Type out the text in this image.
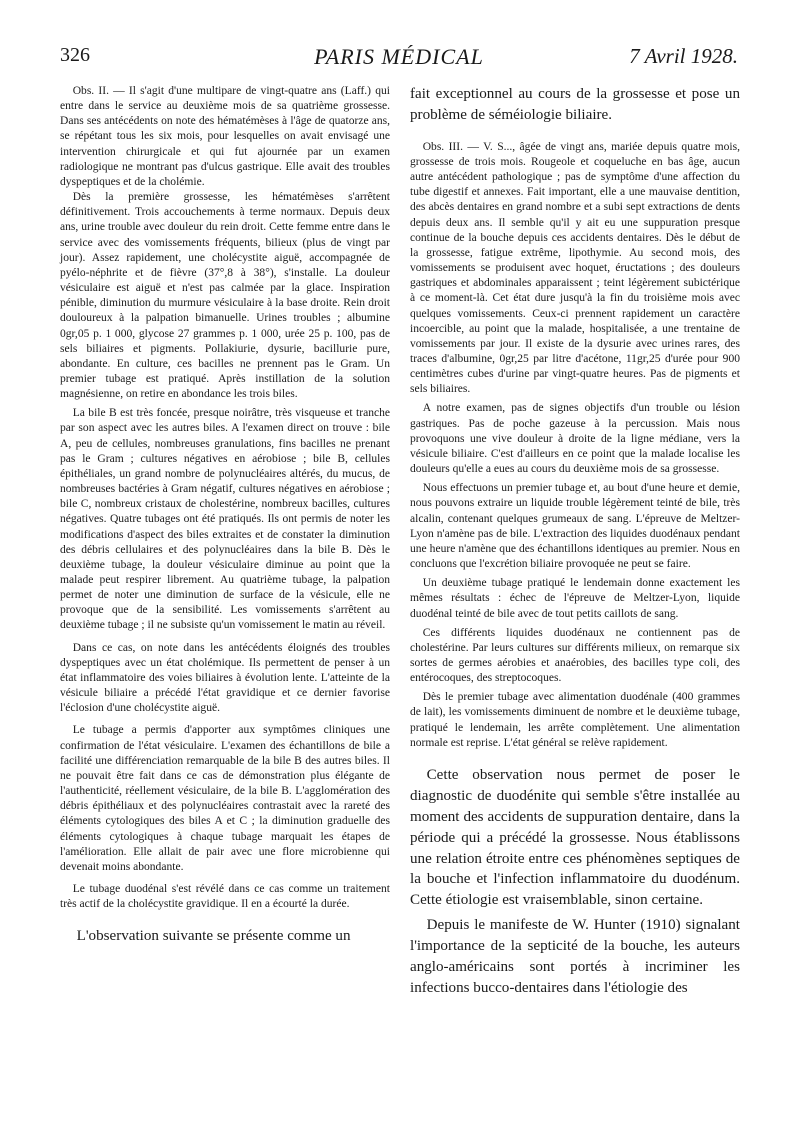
326	PARIS MÉDICAL	7 Avril 1928.

Obs. II. — Il s'agit d'une multipare de vingt-quatre ans (Laff.) qui entre dans le service au deuxième mois de sa quatrième grossesse. Dans ses antécédents on note des hématémèses à l'âge de quatorze ans, se répétant tous les six mois, pour lesquelles on avait envisagé une intervention chirurgicale et qui fut ajournée par un examen radiologique ne montrant pas d'ulcus gastrique. Elle avait des troubles dyspeptiques et de la cholémie.

Dès la première grossesse, les hématémèses s'arrêtent définitivement. Trois accouchements à terme normaux. Depuis deux ans, urine trouble avec douleur du rein droit. Cette femme entre dans le service avec des vomissements fréquents, bilieux (plus de vingt par jour). Assez rapidement, une cholécystite aiguë, accompagnée de pyélo-néphrite et de fièvre (37°,8 à 38°), s'installe. La douleur vésiculaire est aiguë et n'est pas calmée par la glace. Inspiration pénible, diminution du murmure vésiculaire à la base droite. Rein droit douloureux à la palpation bimanuelle. Urines troubles ; albumine 0gr,05 p. 1 000, glycose 27 grammes p. 1 000, urée 25 p. 100, pas de sels biliaires et pigments. Pollakiurie, dysurie, bacillurie pure, abondante. En culture, ces bacilles ne prennent pas le Gram. Un premier tubage est pratiqué. Après instillation de la solution magnésienne, on retire en abondance les trois biles.

La bile B est très foncée, presque noirâtre, très visqueuse et tranche par son aspect avec les autres biles. A l'examen direct on trouve : bile A, peu de cellules, nombreuses granulations, fins bacilles ne prenant pas le Gram ; cultures négatives en aérobiose ; bile B, cellules épithéliales, un grand nombre de polynucléaires altérés, du mucus, de nombreuses bactéries à Gram négatif, cultures négatives en aérobiose ; bile C, nombreux cristaux de cholestérine, nombreux bacilles, cultures négatives. Quatre tubages ont été pratiqués. Ils ont permis de noter les modifications d'aspect des biles extraites et de constater la diminution des débris cellulaires et des polynucléaires dans la bile B. Dès le deuxième tubage, la douleur vésiculaire diminue au point que la malade peut respirer librement. Au quatrième tubage, la palpation permet de noter une diminution de surface de la vésicule, elle ne provoque que de la sensibilité. Les vomissements s'arrêtent au deuxième tubage ; il ne subsiste qu'un vomissement le matin au réveil.

Dans ce cas, on note dans les antécédents éloignés des troubles dyspeptiques avec un état cholémique. Ils permettent de penser à un état inflammatoire des voies biliaires à évolution lente. L'atteinte de la vésicule biliaire a précédé l'état gravidique et ce dernier favorise l'éclosion d'une cholécystite aiguë.

Le tubage a permis d'apporter aux symptômes cliniques une confirmation de l'état vésiculaire. L'examen des échantillons de bile a facilité une différenciation remarquable de la bile B des autres biles. Il ne pouvait être fait dans ce cas de démonstration plus élégante de l'authenticité, réellement vésiculaire, de la bile B. L'agglomération des débris épithéliaux et des polynucléaires contrastait avec la rareté des éléments cytologiques des biles A et C ; la diminution graduelle des éléments cytologiques à chaque tubage marquait les étapes de l'amélioration. Elle allait de pair avec une flore microbienne qui devenait moins abondante.

Le tubage duodénal s'est révélé dans ce cas comme un traitement très actif de la cholécystite gravidique. Il en a écourté la durée.

L'observation suivante se présente comme un

fait exceptionnel au cours de la grossesse et pose un problème de séméiologie biliaire.

Obs. III. — V. S..., âgée de vingt ans, mariée depuis quatre mois, grossesse de trois mois. Rougeole et coqueluche en bas âge, aucun autre antécédent pathologique ; pas de symptôme d'une affection du tube digestif et annexes. Fait important, elle a une mauvaise dentition, des abcès dentaires en grand nombre et a subi sept extractions de dents depuis deux ans. Il semble qu'il y ait eu une suppuration presque continue de la bouche depuis ces accidents dentaires. Dès le début de la grossesse, fatigue extrême, lipothymie. Au second mois, des vomissements se produisent avec hoquet, éructations ; des douleurs gastriques et abdominales apparaissent ; teint légèrement subictérique à ce moment-là. Cet état dure jusqu'à la fin du troisième mois avec quelques vomissements. Ceux-ci prennent rapidement un caractère incoercible, au point que la malade, hospitalisée, a une trentaine de vomissements par jour. Il existe de la dysurie avec urines rares, des traces d'albumine, 0gr,25 par litre d'acétone, 11gr,25 d'urée pour 900 centimètres cubes d'urine par vingt-quatre heures. Pas de pigments et sels biliaires.

A notre examen, pas de signes objectifs d'un trouble ou lésion gastriques. Pas de poche gazeuse à la percussion. Mais nous provoquons une vive douleur à droite de la ligne médiane, vers la vésicule biliaire. C'est d'ailleurs en ce point que la malade localise les douleurs qu'elle a eues au cours du deuxième mois de sa grossesse.

Nous effectuons un premier tubage et, au bout d'une heure et demie, nous pouvons extraire un liquide trouble légèrement teinté de bile, très alcalin, contenant quelques grumeaux de sang. L'épreuve de Meltzer-Lyon n'amène pas de bile. L'extraction des liquides duodénaux pendant une heure n'amène que des échantillons identiques au premier. Nous en concluons que l'excrétion biliaire provoquée ne peut se faire.

Un deuxième tubage pratiqué le lendemain donne exactement les mêmes résultats : échec de l'épreuve de Meltzer-Lyon, liquide duodénal teinté de bile avec de tout petits caillots de sang.

Ces différents liquides duodénaux ne contiennent pas de cholestérine. Par leurs cultures sur différents milieux, on remarque six sortes de germes aérobies et anaérobies, des bacilles type coli, des entérocoques, des streptocoques.

Dès le premier tubage avec alimentation duodénale (400 grammes de lait), les vomissements diminuent de nombre et le deuxième tubage, pratiqué le lendemain, les arrête complètement. Une alimentation normale est reprise. L'état général se relève rapidement.

Cette observation nous permet de poser le diagnostic de duodénite qui semble s'être installée au moment des accidents de suppuration dentaire, dans la période qui a précédé la grossesse. Nous établissons une relation étroite entre ces phénomènes septiques de la bouche et l'infection inflammatoire du duodénum. Cette étiologie est vraisemblable, sinon certaine.

Depuis le manifeste de W. Hunter (1910) signalant l'importance de la septicité de la bouche, les auteurs anglo-américains sont portés à incriminer les infections bucco-dentaires dans l'étiologie des
